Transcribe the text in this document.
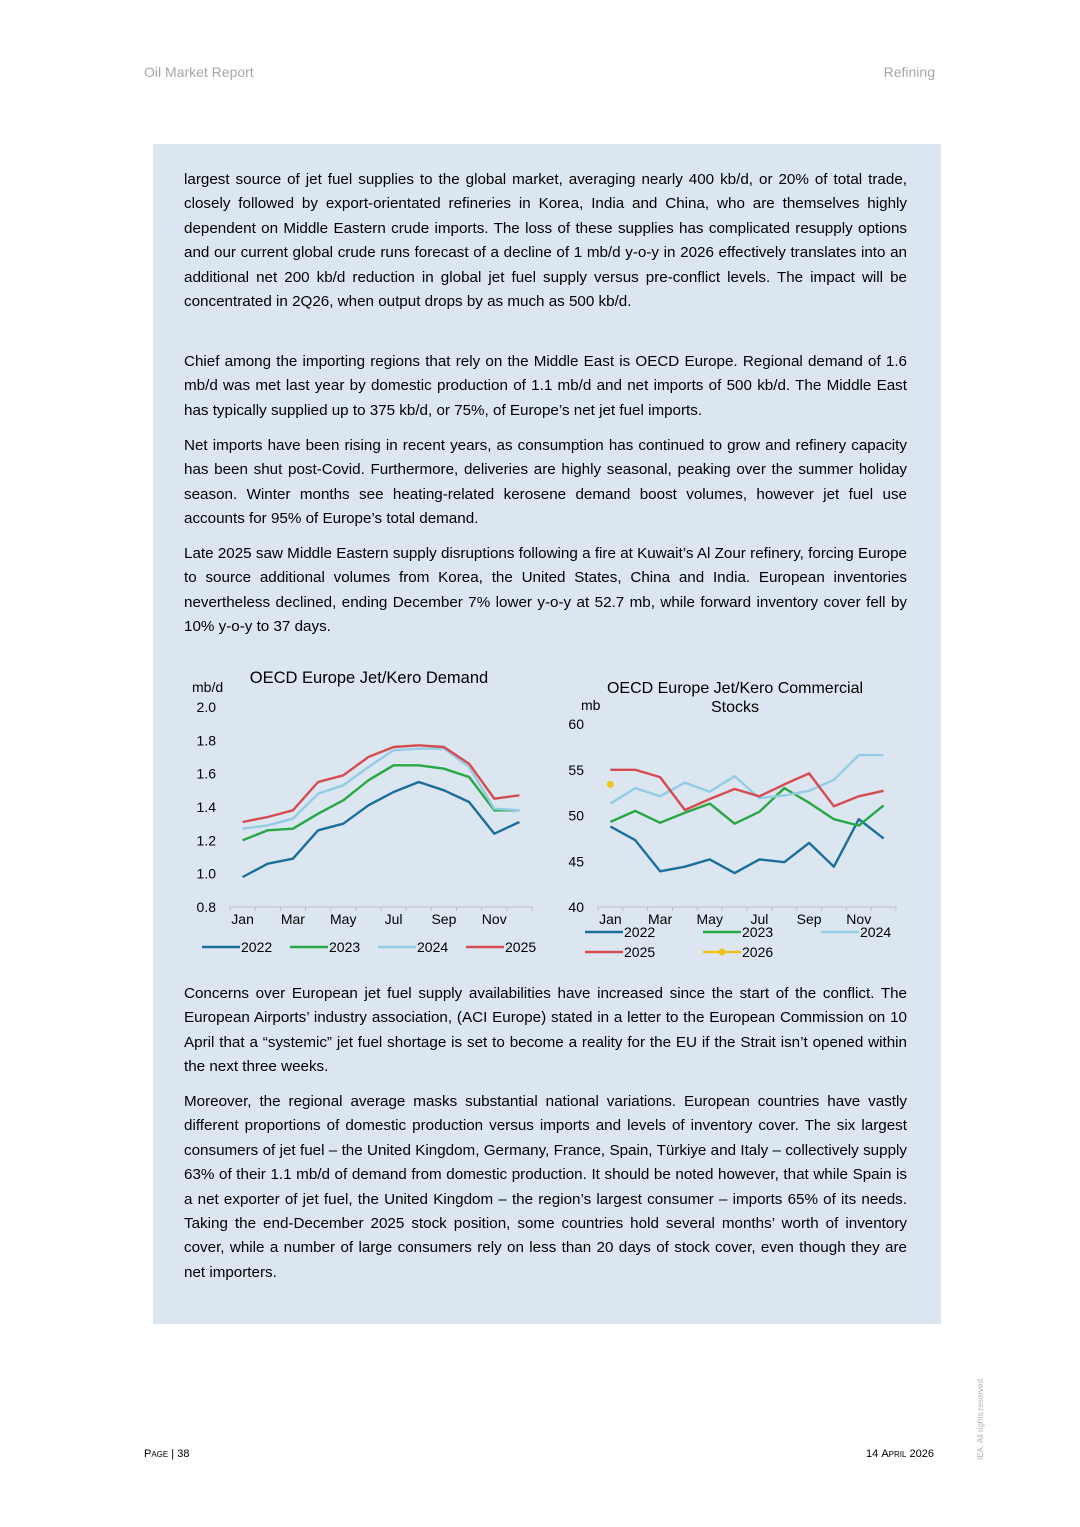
Oil Market Report	Refining

largest source of jet fuel supplies to the global market, averaging nearly 400 kb/d, or 20% of total trade, closely followed by export-orientated refineries in Korea, India and China, who are themselves highly dependent on Middle Eastern crude imports. The loss of these supplies has complicated resupply options and our current global crude runs forecast of a decline of 1 mb/d y-o-y in 2026 effectively translates into an additional net 200 kb/d reduction in global jet fuel supply versus pre-conflict levels. The impact will be concentrated in 2Q26, when output drops by as much as 500 kb/d.

Chief among the importing regions that rely on the Middle East is OECD Europe. Regional demand of 1.6 mb/d was met last year by domestic production of 1.1 mb/d and net imports of 500 kb/d. The Middle East has typically supplied up to 375 kb/d, or 75%, of Europe’s net jet fuel imports.

Net imports have been rising in recent years, as consumption has continued to grow and refinery capacity has been shut post-Covid. Furthermore, deliveries are highly seasonal, peaking over the summer holiday season. Winter months see heating-related kerosene demand boost volumes, however jet fuel use accounts for 95% of Europe’s total demand.

Late 2025 saw Middle Eastern supply disruptions following a fire at Kuwait’s Al Zour refinery, forcing Europe to source additional volumes from Korea, the United States, China and India. European inventories nevertheless declined, ending December 7% lower y-o-y at 52.7 mb, while forward inventory cover fell by 10% y-o-y to 37 days.

OECD Europe Jet/Kero Demand
mb/d
0.8
1.0
1.2
1.4
1.6
1.8
2.0
Jan Mar May Jul Sep Nov
2022	2023	2024	2025
OECD Europe Jet/Kero Commercial Stocks
mb
40
45
50
55
60
Jan Mar May Jul Sep Nov
2022	2023	2024
2025	2026

Concerns over European jet fuel supply availabilities have increased since the start of the conflict. The European Airports’ industry association, (ACI Europe) stated in a letter to the European Commission on 10 April that a “systemic” jet fuel shortage is set to become a reality for the EU if the Strait isn’t opened within the next three weeks.

Moreover, the regional average masks substantial national variations. European countries have vastly different proportions of domestic production versus imports and levels of inventory cover. The six largest consumers of jet fuel – the United Kingdom, Germany, France, Spain, Türkiye and Italy – collectively supply 63% of their 1.1 mb/d of demand from domestic production. It should be noted however, that while Spain is a net exporter of jet fuel, the United Kingdom – the region’s largest consumer – imports 65% of its needs. Taking the end-December 2025 stock position, some countries hold several months’ worth of inventory cover, while a number of large consumers rely on less than 20 days of stock cover, even though they are net importers.

Page | 38	14 April 2026	IEA. All rights reserved.
